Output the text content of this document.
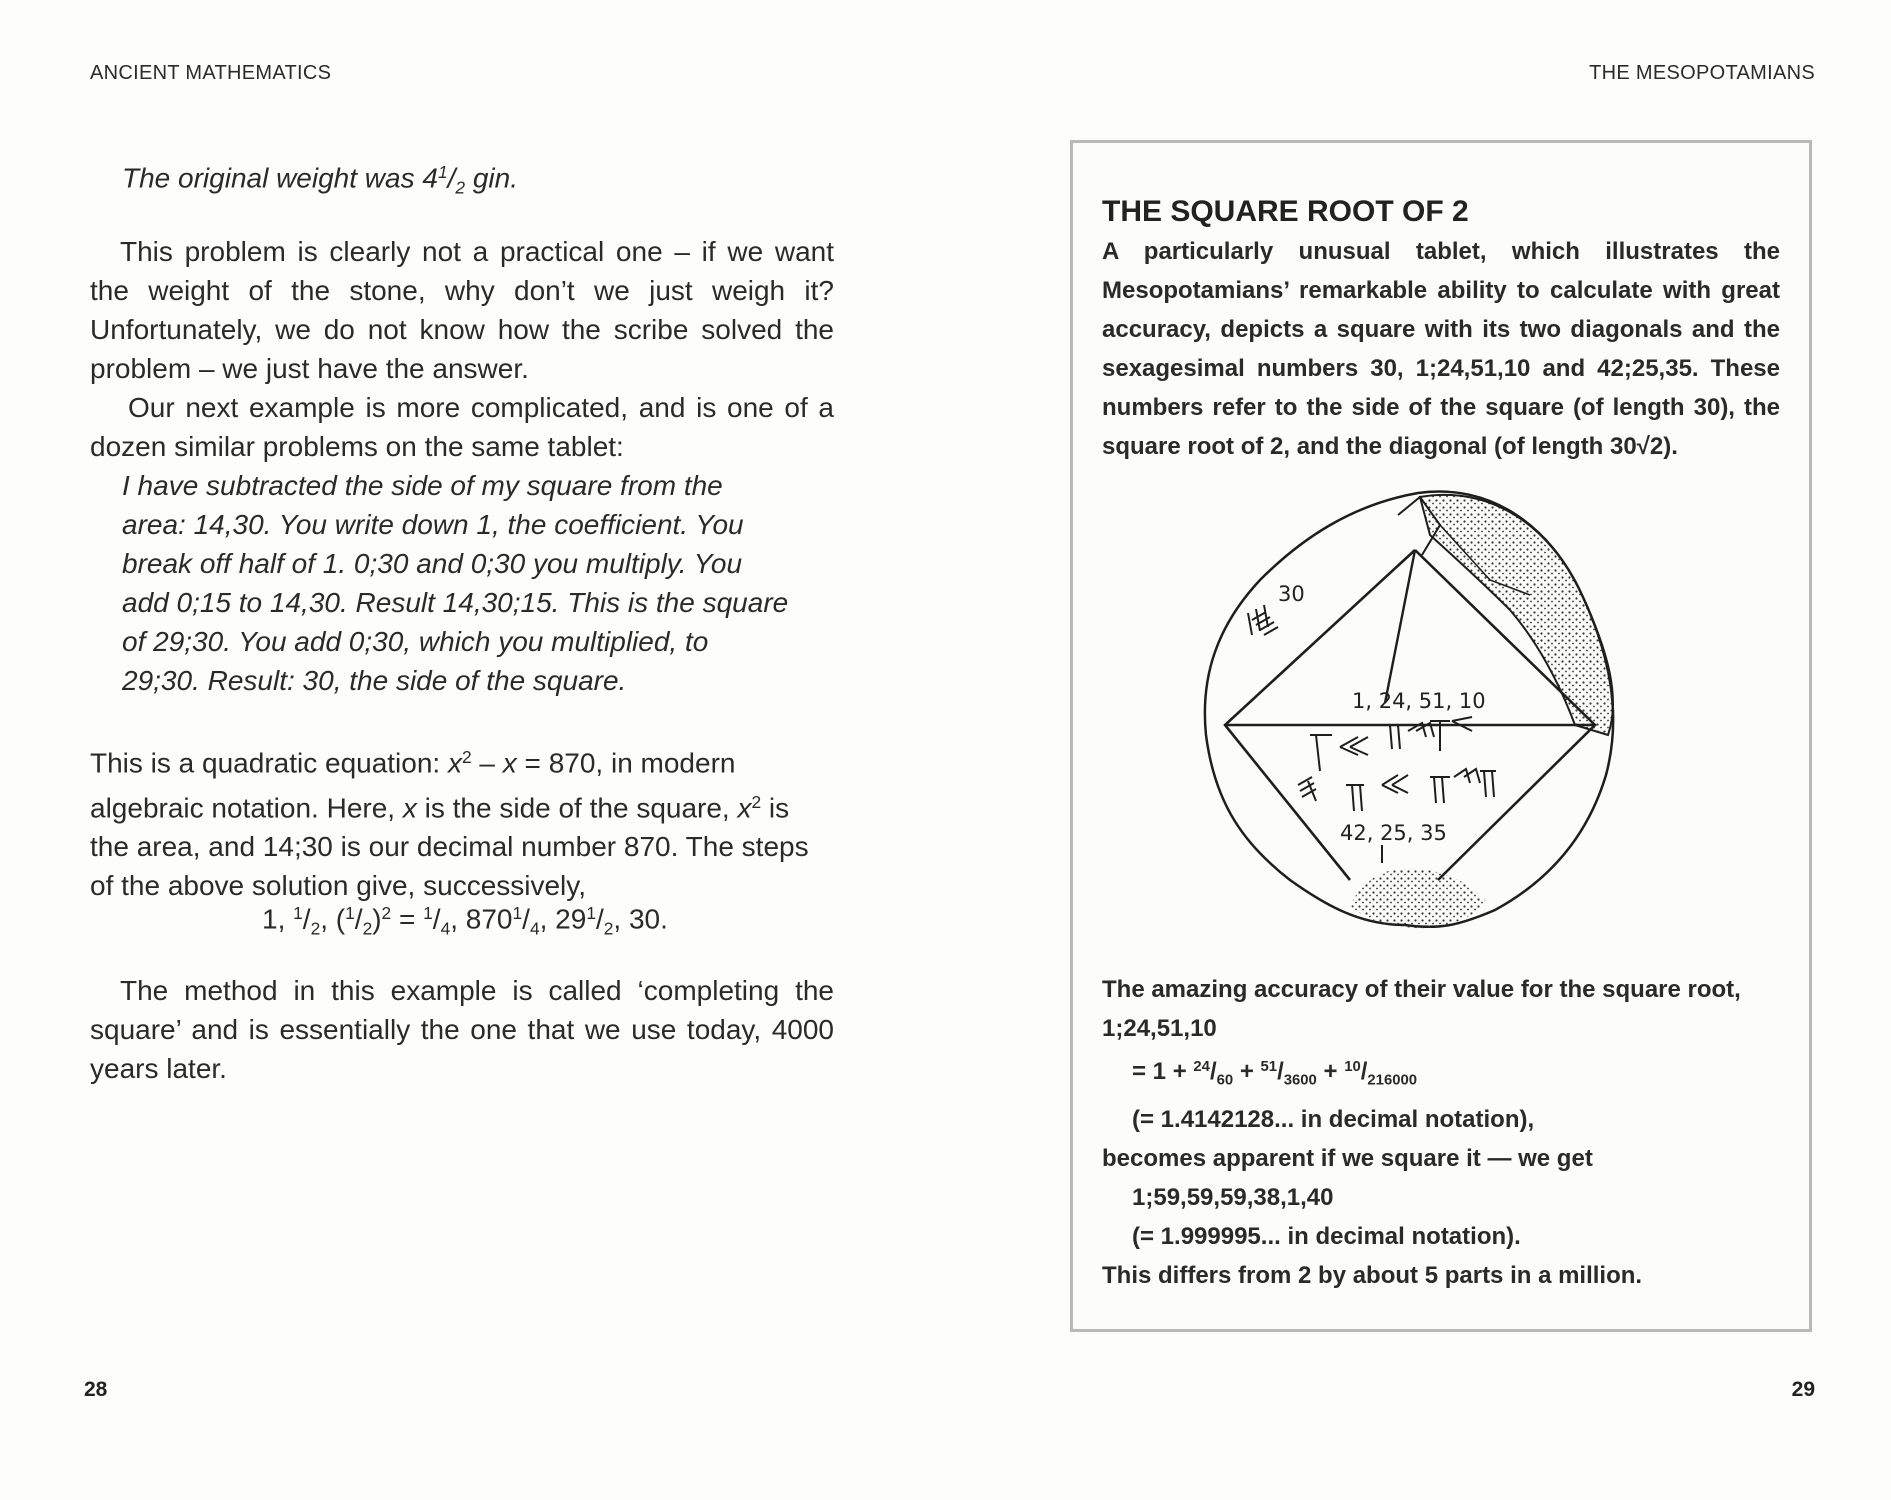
ANCIENT MATHEMATICS
The original weight was $4^1/_2$ gin.
This problem is clearly not a practical one – if we want
the weight of the stone, why don’t we just weigh it?
Unfortunately, we do not know how the scribe solved the
problem – we just have the answer.
Our next example is more complicated, and is one of a
dozen similar problems on the same tablet:
I have subtracted the side of my square from the
area: 14,30. You write down 1, the coefficient. You
break off half of 1. 0;30 and 0;30 you multiply. You
add 0;15 to 14,30. Result 14,30;15. This is the square
of 29;30. You add 0;30, which you multiplied, to
29;30. Result: 30, the side of the square.
This is a quadratic equation: $x^2 - x = 870$, in modern
algebraic notation. Here, x is the side of the square, $x^2$ is
the area, and 14;30 is our decimal number 870. The steps
of the above solution give, successively,
1, $^1/_2$, $(^1/_2)^2 = ^1/_4$, $870^1/_4$, $29^1/_2$, 30.
The method in this example is called ‘completing the
square’ and is essentially the one that we use today, 4000
years later.
28
THE MESOPOTAMIANS
THE SQUARE ROOT OF 2
A particularly unusual tablet, which illustrates the
Mesopotamians’ remarkable ability to calculate with great
accuracy, depicts a square with its two diagonals and the
sexagesimal numbers 30, 1;24,51,10 and 42;25,35. These
numbers refer to the side of the square (of length 30), the
square root of 2, and the diagonal (of length 30√2).
30
1, 24, 51, 10
42, 25, 35
The amazing accuracy of their value for the square root,
1;24,51,10
= $1 + ^{24}/_{60} + ^{51}/_{3600} + ^{10}/_{216000}$
(= 1.4142128... in decimal notation),
becomes apparent if we square it — we get
1;59,59,59,38,1,40
(= 1.999995... in decimal notation).
This differs from 2 by about 5 parts in a million.
29
